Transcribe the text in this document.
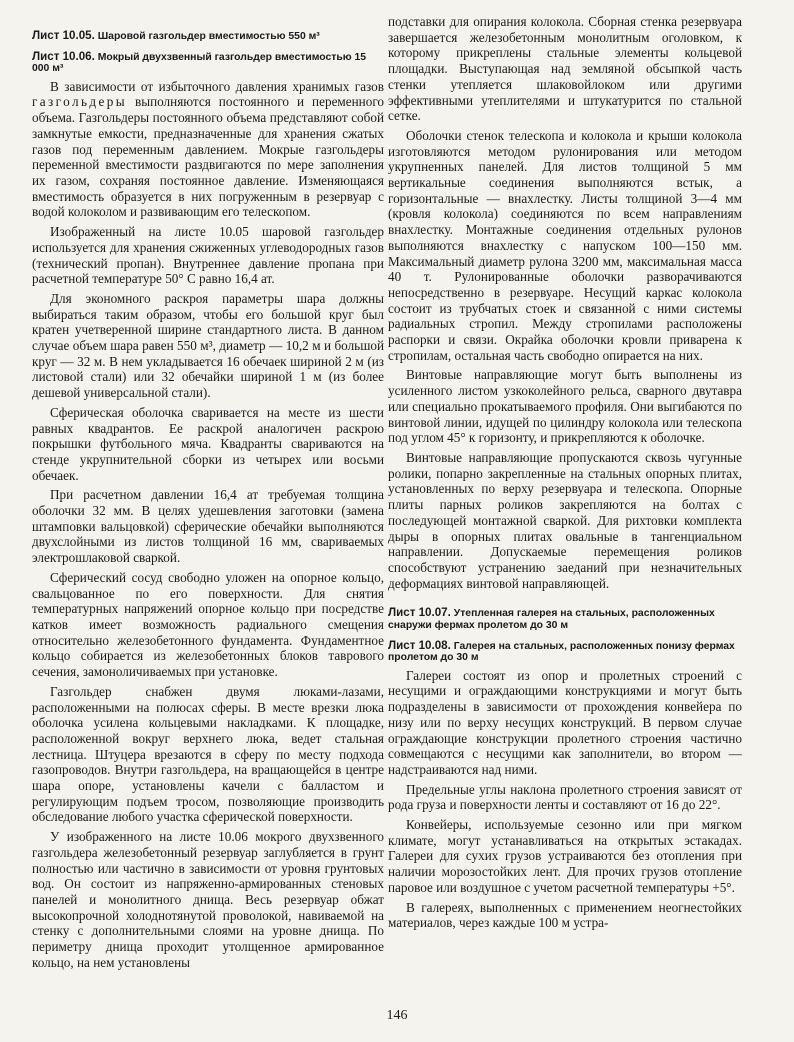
Лист 10.05. Шаровой газгольдер вместимостью 550 м³
Лист 10.06. Мокрый двухзвенный газгольдер вместимостью 15 000 м³

В зависимости от избыточного давления хранимых газов газгольдеры выполняются постоянного и переменного объема. Газгольдеры постоянного объема представляют собой замкнутые емкости, предназначенные для хранения сжатых газов под переменным давлением. Мокрые газгольдеры переменной вместимости раздвигаются по мере заполнения их газом, сохраняя постоянное давление. Изменяющаяся вместимость образуется в них погруженным в резервуар с водой колоколом и развивающим его телескопом.

Изображенный на листе 10.05 шаровой газгольдер используется для хранения сжиженных углеводородных газов (технический пропан). Внутреннее давление пропана при расчетной температуре 50° С равно 16,4 ат.

Для экономного раскроя параметры шара должны выбираться таким образом, чтобы его большой круг был кратен учетверенной ширине стандартного листа. В данном случае объем шара равен 550 м³, диаметр — 10,2 м и большой круг — 32 м. В нем укладывается 16 обечаек шириной 2 м (из листовой стали) или 32 обечайки шириной 1 м (из более дешевой универсальной стали).

Сферическая оболочка сваривается на месте из шести равных квадрантов. Ее раскрой аналогичен раскрою покрышки футбольного мяча. Квадранты свариваются на стенде укрупнительной сборки из четырех или восьми обечаек.

При расчетном давлении 16,4 ат требуемая толщина оболочки 32 мм. В целях удешевления заготовки (замена штамповки вальцовкой) сферические обечайки выполняются двухслойными из листов толщиной 16 мм, свариваемых электрошлаковой сваркой.

Сферический сосуд свободно уложен на опорное кольцо, свальцованное по его поверхности. Для снятия температурных напряжений опорное кольцо при посредстве катков имеет возможность радиального смещения относительно железобетонного фундамента. Фундаментное кольцо собирается из железобетонных блоков таврового сечения, замоноличиваемых при установке.

Газгольдер снабжен двумя люками-лазами, расположенными на полюсах сферы. В месте врезки люка оболочка усилена кольцевыми накладками. К площадке, расположенной вокруг верхнего люка, ведет стальная лестница. Штуцера врезаются в сферу по месту подхода газопроводов. Внутри газгольдера, на вращающейся в центре шара опоре, установлены качели с балластом и регулирующим подъем тросом, позволяющие производить обследование любого участка сферической поверхности.

У изображенного на листе 10.06 мокрого двухзвенного газгольдера железобетонный резервуар заглубляется в грунт полностью или частично в зависимости от уровня грунтовых вод. Он состоит из напряженно-армированных стеновых панелей и монолитного днища. Весь резервуар обжат высокопрочной холоднотянутой проволокой, навиваемой на стенку с дополнительными слоями на уровне днища. По периметру днища проходит утолщенное армированное кольцо, на нем установлены

подставки для опирания колокола. Сборная стенка резервуара завершается железобетонным монолитным оголовком, к которому прикреплены стальные элементы кольцевой площадки. Выступающая над земляной обсыпкой часть стенки утепляется шлаковойлоком или другими эффективными утеплителями и штукатурится по стальной сетке.

Оболочки стенок телескопа и колокола и крыши колокола изготовляются методом рулонирования или методом укрупненных панелей. Для листов толщиной 5 мм вертикальные соединения выполняются встык, а горизонтальные — внахлестку. Листы толщиной 3—4 мм (кровля колокола) соединяются по всем направлениям внахлестку. Монтажные соединения отдельных рулонов выполняются внахлестку с напуском 100—150 мм. Максимальный диаметр рулона 3200 мм, максимальная масса 40 т. Рулонированные оболочки разворачиваются непосредственно в резервуаре. Несущий каркас колокола состоит из трубчатых стоек и связанной с ними системы радиальных стропил. Между стропилами расположены распорки и связи. Окрайка оболочки кровли приварена к стропилам, остальная часть свободно опирается на них.

Винтовые направляющие могут быть выполнены из усиленного листом узкоколейного рельса, сварного двутавра или специально прокатываемого профиля. Они выгибаются по винтовой линии, идущей по цилиндру колокола или телескопа под углом 45° к горизонту, и прикрепляются к оболочке.

Винтовые направляющие пропускаются сквозь чугунные ролики, попарно закрепленные на стальных опорных плитах, установленных по верху резервуара и телескопа. Опорные плиты парных роликов закрепляются на болтах с последующей монтажной сваркой. Для рихтовки комплекта дыры в опорных плитах овальные в тангенциальном направлении. Допускаемые перемещения роликов способствуют устранению заеданий при незначительных деформациях винтовой направляющей.

Лист 10.07. Утепленная галерея на стальных, расположенных снаружи фермах пролетом до 30 м
Лист 10.08. Галерея на стальных, расположенных понизу фермах пролетом до 30 м

Галереи состоят из опор и пролетных строений с несущими и ограждающими конструкциями и могут быть подразделены в зависимости от прохождения конвейера по низу или по верху несущих конструкций. В первом случае ограждающие конструкции пролетного строения частично совмещаются с несущими как заполнители, во втором — надстраиваются над ними.

Предельные углы наклона пролетного строения зависят от рода груза и поверхности ленты и составляют от 16 до 22°.

Конвейеры, используемые сезонно или при мягком климате, могут устанавливаться на открытых эстакадах. Галереи для сухих грузов устраиваются без отопления при наличии морозостойких лент. Для прочих грузов отопление паровое или воздушное с учетом расчетной температуры +5°.

В галереях, выполненных с применением неогнестойких материалов, через каждые 100 м устра-

146
